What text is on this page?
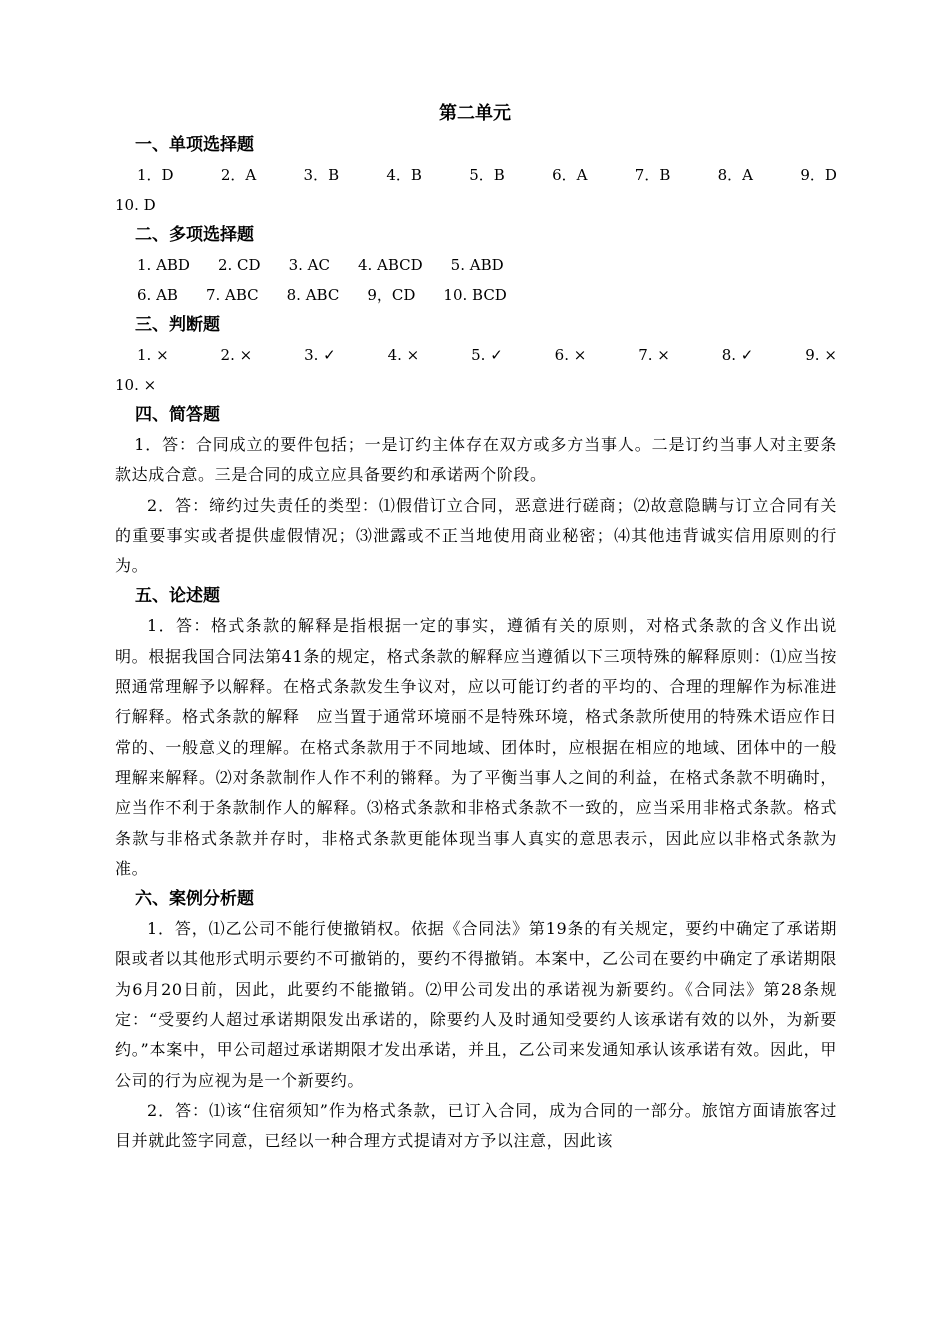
第二单元
一、单项选择题
1．D	2．A	3．B	4．B	5．B	6．A	7．B	8．A	9．D
10. D
二、多项选择题
1. ABD 2. CD 3. AC 4. ABCD 5. ABD
6. AB 7. ABC 8. ABC 9，CD 10. BCD
三、判断题
1. ×	2. ×	3. ✓	4. ×	5. ✓	6. ×	7. ×	8. ✓	9. ×
10. ×
四、简答题

1．答：合同成立的要件包括；一是订约主体存在双方或多方当事人。二是订约当事人对主要条款达成合意。三是合同的成立应具备要约和承诺两个阶段。

2．答：缔约过失责任的类型：⑴假借订立合同，恶意进行磋商；⑵故意隐瞒与订立合同有关的重要事实或者提供虚假情况；⑶泄露或不正当地使用商业秘密；⑷其他违背诚实信用原则的行为。

五、论述题

1．答：格式条款的解释是指根据一定的事实，遵循有关的原则，对格式条款的含义作出说明。根据我国合同法第41条的规定，格式条款的解释应当遵循以下三项特殊的解释原则：⑴应当按照通常理解予以解释。在格式条款发生争议对，应以可能订约者的平均的、合理的理解作为标准进行解释。格式条款的解释　应当置于通常环境丽不是特殊环境，格式条款所使用的特殊术语应作日常的、一般意义的理解。在格式条款用于不同地域、团体时，应根据在相应的地域、团体中的一般理解来解释。⑵对条款制作人作不利的锵释。为了平衡当事人之间的利益，在格式条款不明确时，应当作不利于条款制作人的解释。⑶格式条款和非格式条款不一致的，应当采用非格式条款。格式条款与非格式条款并存时，非格式条款更能体现当事人真实的意思表示，因此应以非格式条款为准。

六、案例分析题

1．答，⑴乙公司不能行使撤销权。依据《合同法》第19条的有关规定，要约中确定了承诺期限或者以其他形式明示要约不可撤销的，要约不得撤销。本案中，乙公司在要约中确定了承诺期限为6月20日前，因此，此要约不能撤销。⑵甲公司发出的承诺视为新要约。《合同法》第28条规定：“受要约人超过承诺期限发出承诺的，除要约人及时通知受要约人该承诺有效的以外，为新要约。”本案中，甲公司超过承诺期限才发出承诺，并且，乙公司来发通知承认该承诺有效。因此，甲公司的行为应视为是一个新要约。

2．答：⑴该“住宿须知”作为格式条款，已订入合同，成为合同的一部分。旅馆方面请旅客过目并就此签字同意，已经以一种合理方式提请对方予以注意，因此该
